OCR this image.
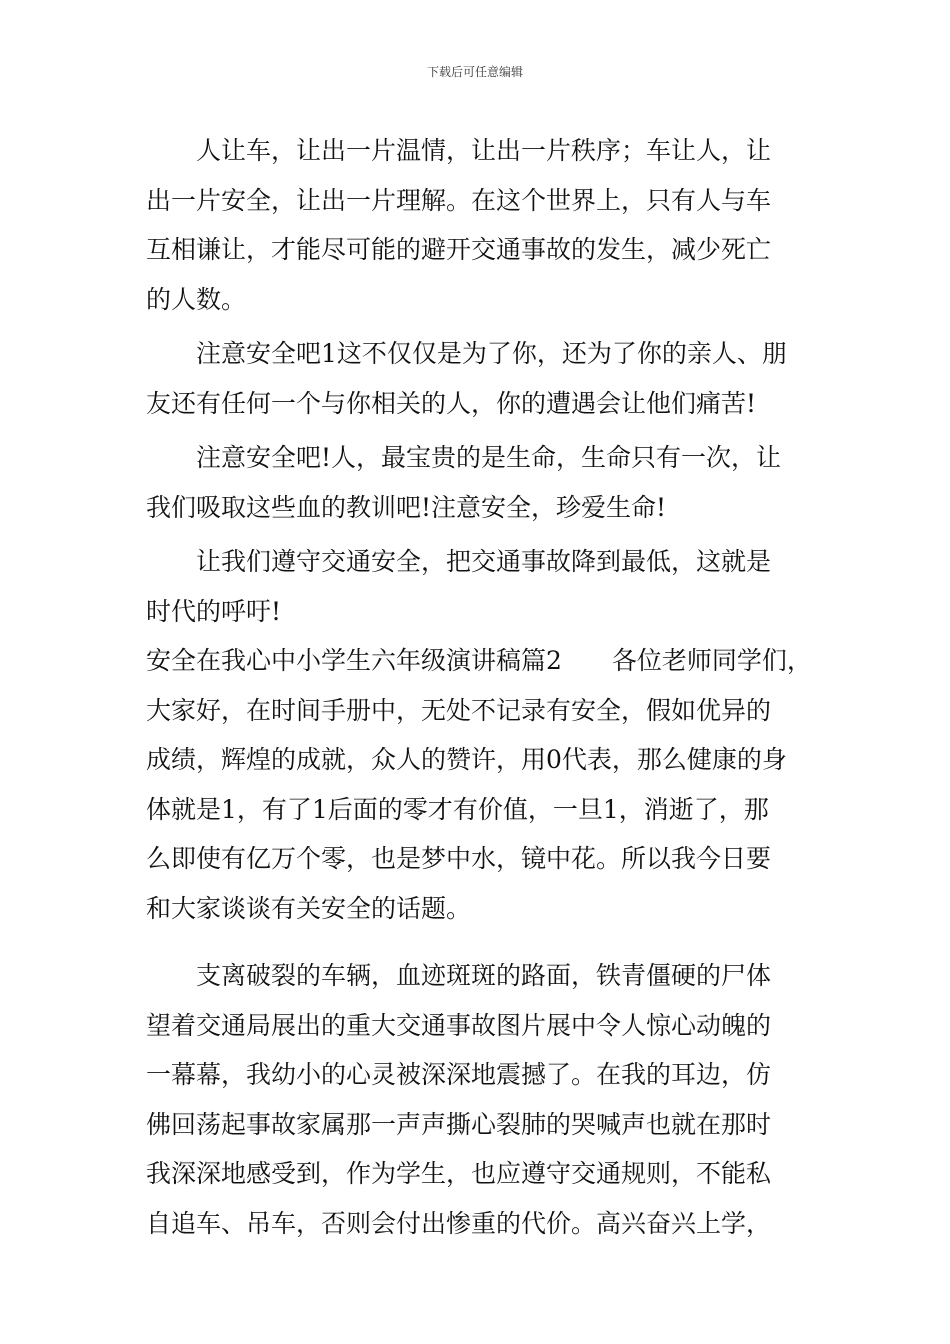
下载后可任意编辑
人让车，让出一片温情，让出一片秩序；车让人，让
出一片安全，让出一片理解。在这个世界上，只有人与车
互相谦让，才能尽可能的避开交通事故的发生，减少死亡
的人数。
注意安全吧1这不仅仅是为了你，还为了你的亲人、朋
友还有任何一个与你相关的人，你的遭遇会让他们痛苦!
注意安全吧!人，最宝贵的是生命，生命只有一次，让
我们吸取这些血的教训吧!注意安全，珍爱生命!
让我们遵守交通安全，把交通事故降到最低，这就是
时代的呼吁!
安全在我心中小学生六年级演讲稿篇2　　各位老师同学们，
大家好，在时间手册中，无处不记录有安全，假如优异的
成绩，辉煌的成就，众人的赞许，用0代表，那么健康的身
体就是1，有了1后面的零才有价值，一旦1，消逝了，那
么即使有亿万个零，也是梦中水，镜中花。所以我今日要
和大家谈谈有关安全的话题。
支离破裂的车辆，血迹斑斑的路面，铁青僵硬的尸体
望着交通局展出的重大交通事故图片展中令人惊心动魄的
一幕幕，我幼小的心灵被深深地震撼了。在我的耳边，仿
佛回荡起事故家属那一声声撕心裂肺的哭喊声也就在那时
我深深地感受到，作为学生，也应遵守交通规则，不能私
自追车、吊车，否则会付出惨重的代价。高兴奋兴上学，
